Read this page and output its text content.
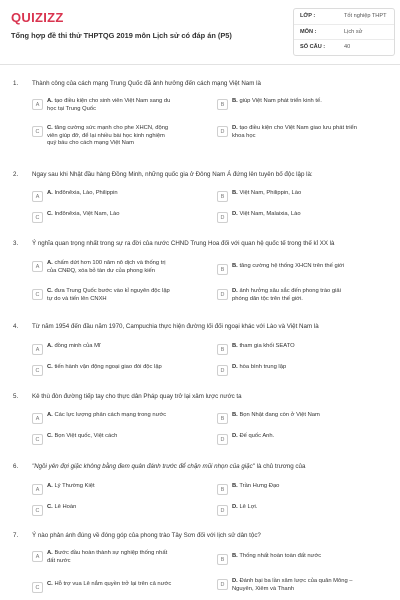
QUIZIZZ
Tổng hợp đề thi thử THPTQG 2019 môn Lịch sử có đáp án (P5)
LỚP :	Tốt nghiệp THPT
MÔN :	Lịch sử
SỐ CÂU :	40
1. Thành công của cách mạng Trung Quốc đã ảnh hưởng đến cách mạng Việt Nam là
A
A. tạo điều kiện cho sinh viên Việt Nam sang du học tại Trung Quốc
B
B. giúp Việt Nam phát triển kinh tế.
C
C. tăng cường sức mạnh cho phe XHCN, động viên giúp đỡ, để lại nhiều bài học kinh nghiệm quý báu cho cách mạng Việt Nam
D
D. tạo điều kiện cho Việt Nam giao lưu phát triển khoa học
2. Ngay sau khi Nhật đầu hàng Đồng Minh, những quốc gia ở Đông Nam Á đứng lên tuyên bố độc lập là:
A
A. Inđônêxia, Lào, Philippin
B
B. Việt Nam, Philippin, Lào
C
C. Inđônêxia, Việt Nam, Lào
D
D. Việt Nam, Malaixia, Lào
3. Ý nghĩa quan trọng nhất trong sự ra đời của nước CHND Trung Hoa đối với quan hệ quốc tế trong thế kỉ XX là
A
A. chấm dứt hơn 100 năm nô dịch và thống trị của CNĐQ, xóa bỏ tàn dư của phong kiến	B
B. tăng cường hệ thống XHCN trên thế giới
C
C. đưa Trung Quốc bước vào kỉ nguyên độc lập tự do và tiến lên CNXH
D
D. ảnh hưởng sâu sắc đến phong trào giải phóng dân tộc trên thế giới.
4. Từ năm 1954 đến đầu năm 1970, Campuchia thực hiện đường lối đối ngoại khác với Lào và Việt Nam là
A
A. đồng minh của Mĩ
B
B. tham gia khối SEATO
C
C. tiến hành vận động ngoại giao đòi độc lập
D
D. hòa bình trung lập
5. Kẻ thù đòn đường tiếp tay cho thực dân Pháp quay trở lại xâm lược nước ta
A
A. Các lực lượng phản cách mạng trong nước
B
B. Bọn Nhật đang còn ở Việt Nam
C
C. Bọn Việt quốc, Việt cách
D
D. Đế quốc Anh.
6. "Ngồi yên đợi giặc không bằng đem quân đánh trước để chặn mũi nhọn của giặc" là chủ trương của
A
A. Lý Thường Kiệt
B
B. Trần Hưng Đạo
C
C. Lê Hoàn
D
D. Lê Lợi.
7. Ý nào phản ánh đúng về đóng góp của phong trào Tây Sơn đối với lịch sử dân tộc?
A
A. Bước đầu hoàn thành sự nghiệp thống nhất đất nước	B
B. Thống nhất hoàn toàn đất nước
C
C. Hỗ trợ vua Lê nắm quyền trở lại trên cả nước	D
D. Đánh bại ba lần xâm lược của quân Mông – Nguyên, Xiêm và Thanh
